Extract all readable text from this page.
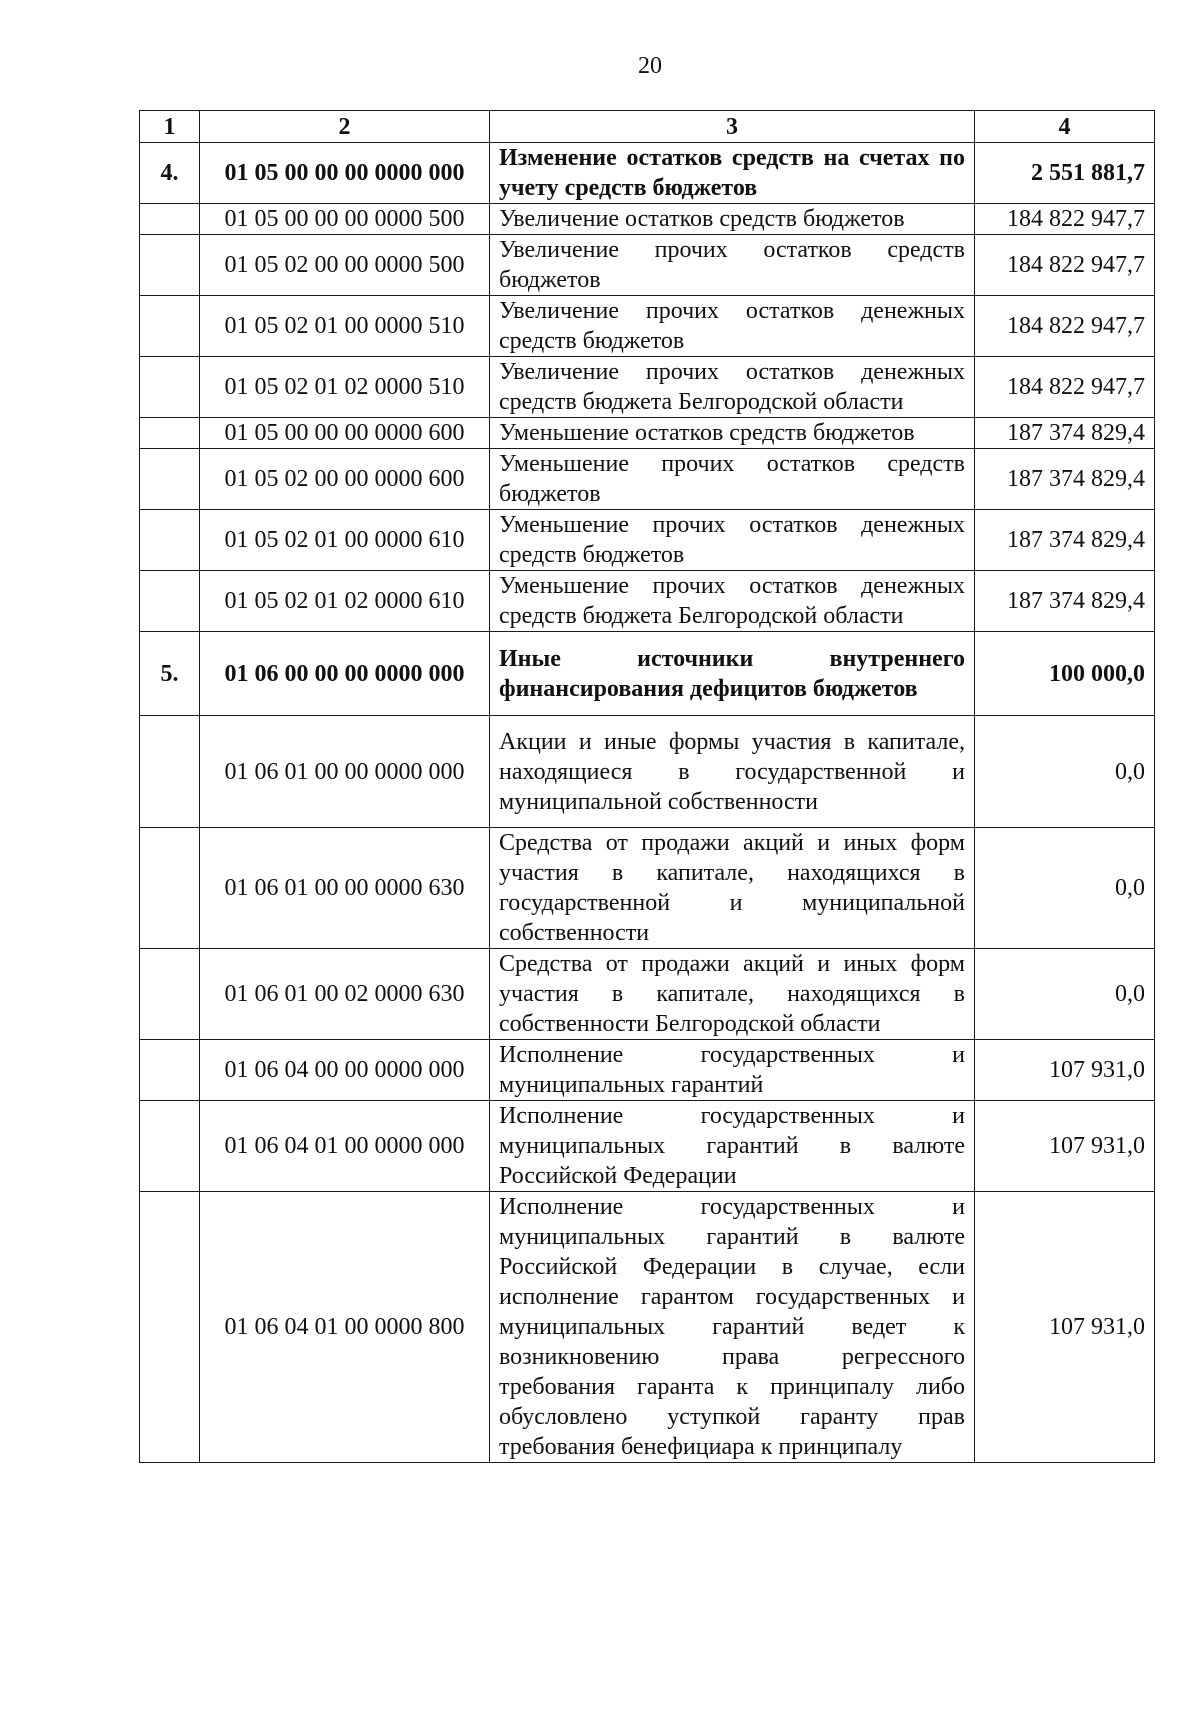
20
1	2	3	4
4.	01 05 00 00 00 0000 000	Изменение остатков средств на счетах по учету средств бюджетов	2 551 881,7
	01 05 00 00 00 0000 500	Увеличение остатков средств бюджетов	184 822 947,7
	01 05 02 00 00 0000 500	Увеличение прочих остатков средств бюджетов	184 822 947,7
	01 05 02 01 00 0000 510	Увеличение прочих остатков денежных средств бюджетов	184 822 947,7
	01 05 02 01 02 0000 510	Увеличение прочих остатков денежных средств бюджета Белгородской области	184 822 947,7
	01 05 00 00 00 0000 600	Уменьшение остатков средств бюджетов	187 374 829,4
	01 05 02 00 00 0000 600	Уменьшение прочих остатков средств бюджетов	187 374 829,4
	01 05 02 01 00 0000 610	Уменьшение прочих остатков денежных средств бюджетов	187 374 829,4
	01 05 02 01 02 0000 610	Уменьшение прочих остатков денежных средств бюджета Белгородской области	187 374 829,4
5.	01 06 00 00 00 0000 000	Иные источники внутреннего финансирования дефицитов бюджетов	100 000,0
	01 06 01 00 00 0000 000	Акции и иные формы участия в капитале, находящиеся в государственной и муниципальной собственности	0,0
	01 06 01 00 00 0000 630	Средства от продажи акций и иных форм участия в капитале, находящихся в государственной и муниципальной собственности	0,0
	01 06 01 00 02 0000 630	Средства от продажи акций и иных форм участия в капитале, находящихся в собственности Белгородской области	0,0
	01 06 04 00 00 0000 000	Исполнение государственных и муниципальных гарантий	107 931,0
	01 06 04 01 00 0000 000	Исполнение государственных и муниципальных гарантий в валюте Российской Федерации	107 931,0
	01 06 04 01 00 0000 800	Исполнение государственных и муниципальных гарантий в валюте Российской Федерации в случае, если исполнение гарантом государственных и муниципальных гарантий ведет к возникновению права регрессного требования гаранта к принципалу либо обусловлено уступкой гаранту прав требования бенефициара к принципалу	107 931,0
